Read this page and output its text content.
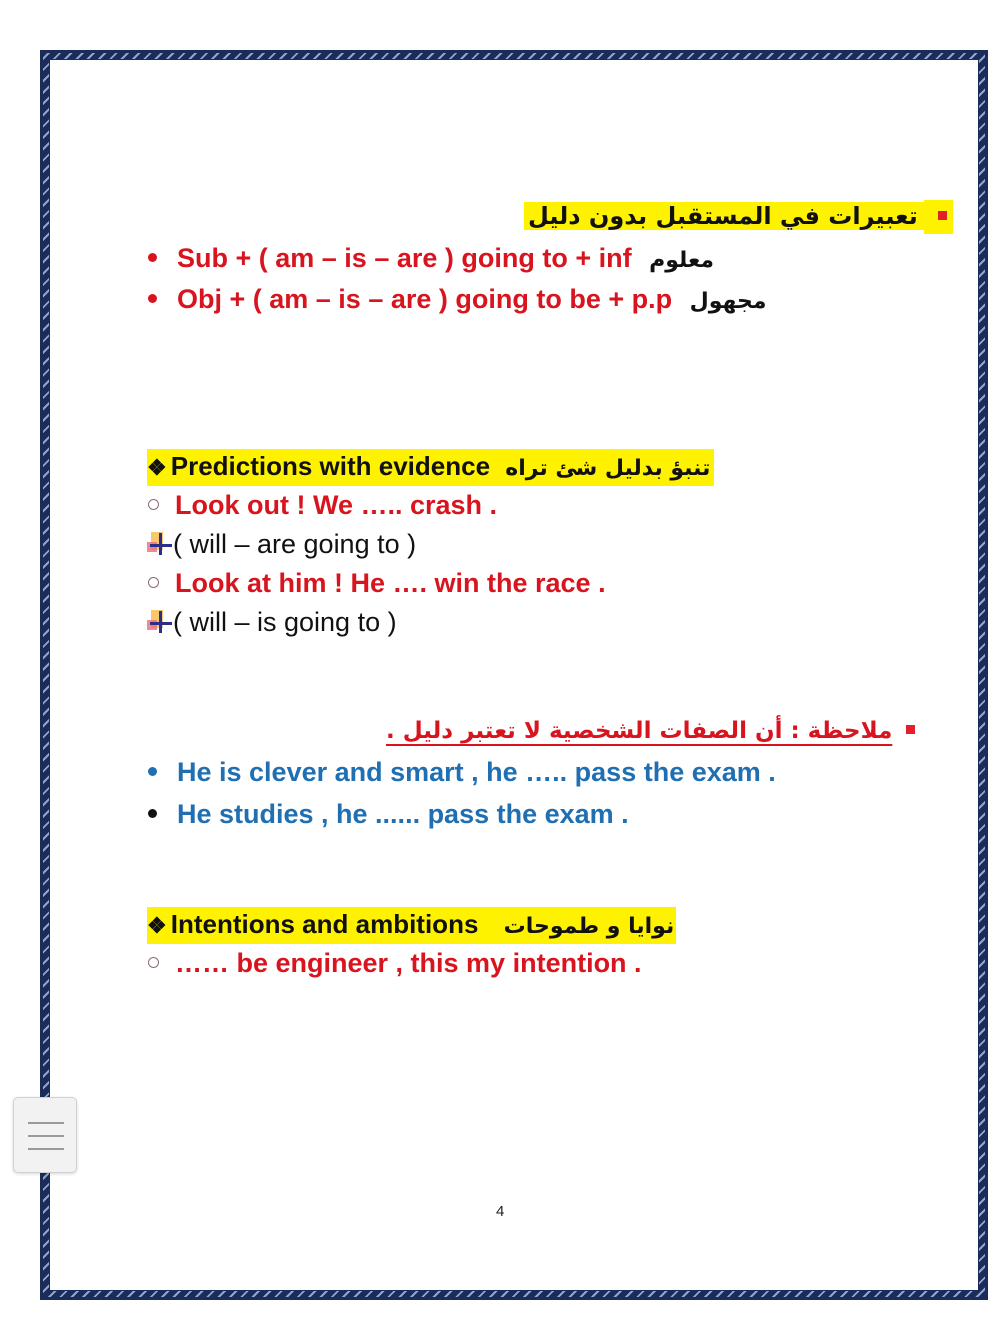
تعبيرات في المستقبل بدون دليل
Sub + ( am – is – are ) going to + inf معلوم
Obj + ( am – is – are ) going to be + p.p مجهول
❖ Predictions with evidence تنبؤ بدليل شئ تراه
Look out ! We ….. crash .
( will – are going to )
Look at him ! He …. win the race .
( will – is going to )
ملاحظة : أن الصفات الشخصية لا تعتبر دليل .
He is clever and smart , he ….. pass the exam .
He studies , he ...... pass the exam .
❖ Intentions and ambitions نوايا و طموحات
…… be engineer , this my intention .
4
